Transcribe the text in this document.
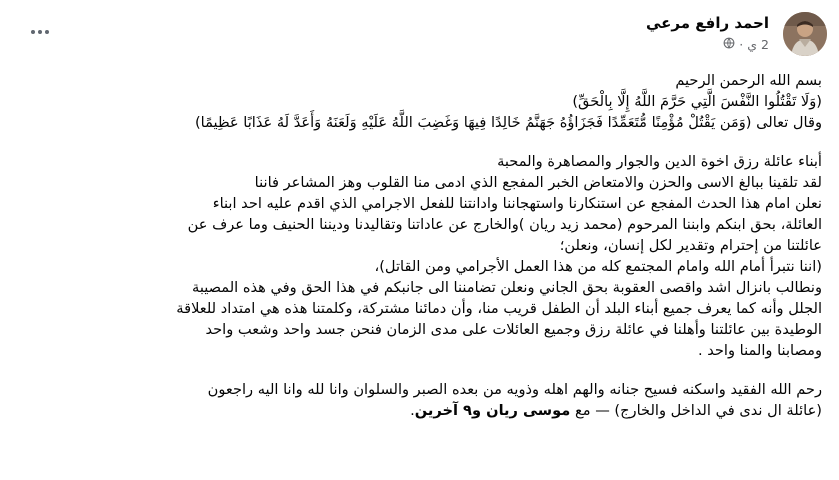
احمد رافع مرعي
2 ي
·

بسم الله الرحمن الرحيم

(وَلَا تَقْتُلُوا النَّفْسَ الَّتِي حَرَّمَ اللَّهُ إِلَّا بِالْحَقِّ)

وقال تعالى (وَمَن يَقْتُلْ مُؤْمِنًا مُّتَعَمِّدًا فَجَزَاؤُهُ جَهَنَّمُ خَالِدًا فِيهَا وَغَضِبَ اللَّهُ عَلَيْهِ وَلَعَنَهُ وَأَعَدَّ لَهُ عَذَابًا عَظِيمًا)

أبناء عائلة رزق اخوة الدين والجوار والمصاهرة والمحبة

لقد تلقينا ببالغ الاسى والحزن والامتعاض الخبر المفجع الذي ادمى منا القلوب وهز المشاعر فاننا

نعلن امام هذا الحدث المفجع عن استنكارنا واستهجاننا وادانتنا للفعل الاجرامي الذي اقدم عليه احد ابناء

العائلة، بحق ابنكم وابننا المرحوم (محمد زيد ريان )والخارج عن عاداتنا وتقاليدنا وديننا الحنيف وما عرف عن

عائلتنا من إحترام وتقدير لكل إنسان، ونعلن؛

(اننا نتبرأ أمام الله وامام المجتمع كله من هذا العمل الأجرامي ومن القاتل)،

ونطالب بانزال اشد واقصى العقوبة بحق الجاني ونعلن تضامننا الى جانبكم في هذا الحق وفي هذه المصيبة

الجلل وأنه كما يعرف جميع أبناء البلد أن الطفل قريب منا، وأن دمائنا مشتركة، وكلمتنا هذه هي امتداد للعلاقة

الوطيدة بين عائلتنا وأهلنا في عائلة رزق وجميع العائلات على مدى الزمان فنحن جسد واحد وشعب واحد

ومصابنا والمنا واحد .

رحم الله الفقيد واسكنه فسيح جنانه والهم اهله وذويه من بعده الصبر والسلوان وانا لله وانا اليه راجعون

(عائلة ال ندى في الداخل والخارج) — مع موسى ريان و٩ آخرين.
